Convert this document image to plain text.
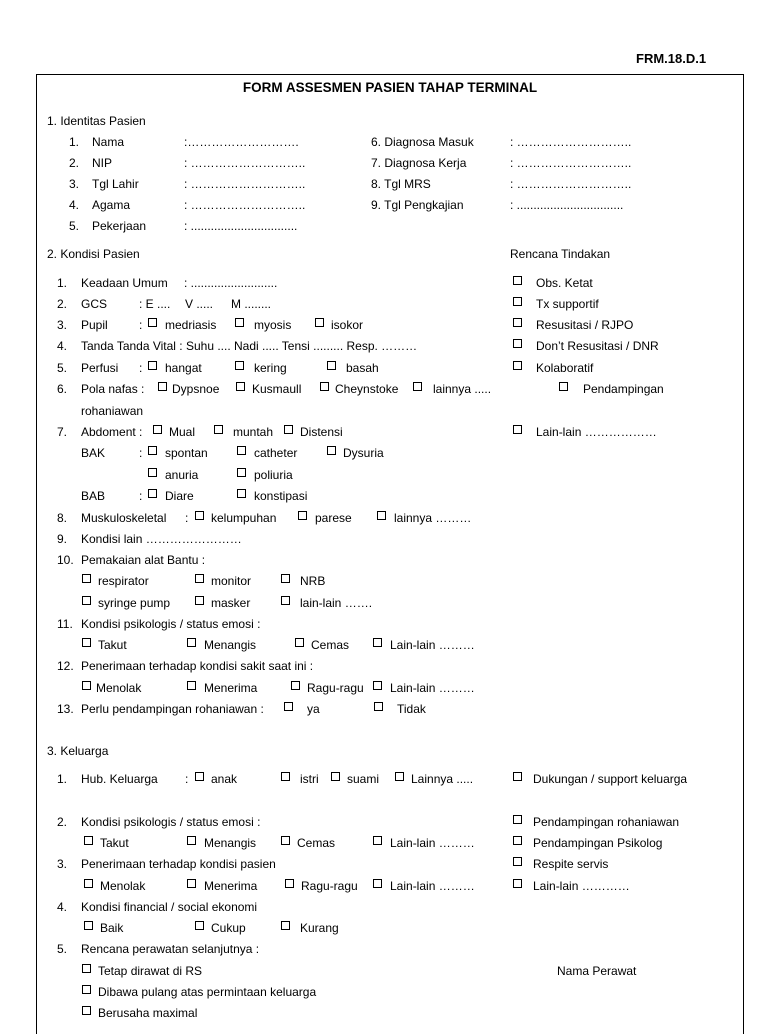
FRM.18.D.1
FORM ASSESMEN PASIEN TAHAP TERMINAL
1. Identitas Pasien
1. Nama	:……………………….
2. NIP	: ………………………..
3. Tgl Lahir	: ………………………..
4. Agama	: ………………………..
5. Pekerjaan	: ................................
6. Diagnosa Masuk	: ………………………..
7. Diagnosa Kerja	: ………………………..
8. Tgl MRS	: ………………………..
9. Tgl Pengkajian	: ................................
2. Kondisi Pasien	Rencana Tindakan
1. Keadaan Umum : ..........................
2. GCS	: E .... V ..... M ........
3. Pupil	: medriasis	myosis	isokor
4. Tanda Tanda Vital : Suhu .... Nadi ..... Tensi ......... Resp. ………
5. Perfusi : hangat	kering	basah
6. Pola nafas : Dypsnoe	Kusmaull	Cheynstoke	lainnya .....
rohaniawan
7. Abdoment : Mual	muntah Distensi
BAK	: spontan	catheter	Dysuria
anuria	poliuria
BAB	: Diare	konstipasi
8. Muskuloskeletal : kelumpuhan	parese	lainnya ………
9. Kondisi lain ……………………
10. Pemakaian alat Bantu :
respirator	monitor	NRB
syringe pump	masker	lain-lain …….
11. Kondisi psikologis / status emosi :
Takut	Menangis	Cemas	Lain-lain ………
12. Penerimaan terhadap kondisi sakit saat ini :
Menolak	Menerima	Ragu-ragu Lain-lain ………
13. Perlu pendampingan rohaniawan :	ya	Tidak
Obs. Ketat
Tx supportif
Resusitasi / RJPO
Don’t Resusitasi / DNR
Kolaboratif
Pendampingan
Lain-lain ………………
3. Keluarga
1. Hub. Keluarga : anak	istri suami	Lainnya .....
2. Kondisi psikologis / status emosi :
Takut	Menangis	Cemas	Lain-lain ………
3. Penerimaan terhadap kondisi pasien
Menolak	Menerima	Ragu-ragu	Lain-lain ………
4. Kondisi financial / social ekonomi
Baik	Cukup	Kurang
5. Rencana perawatan selanjutnya :
Tetap dirawat di RS
Dibawa pulang atas permintaan keluarga
Berusaha maximal
Dukungan / support keluarga
Pendampingan rohaniawan
Pendampingan Psikolog
Respite servis
Lain-lain …………
Nama Perawat
